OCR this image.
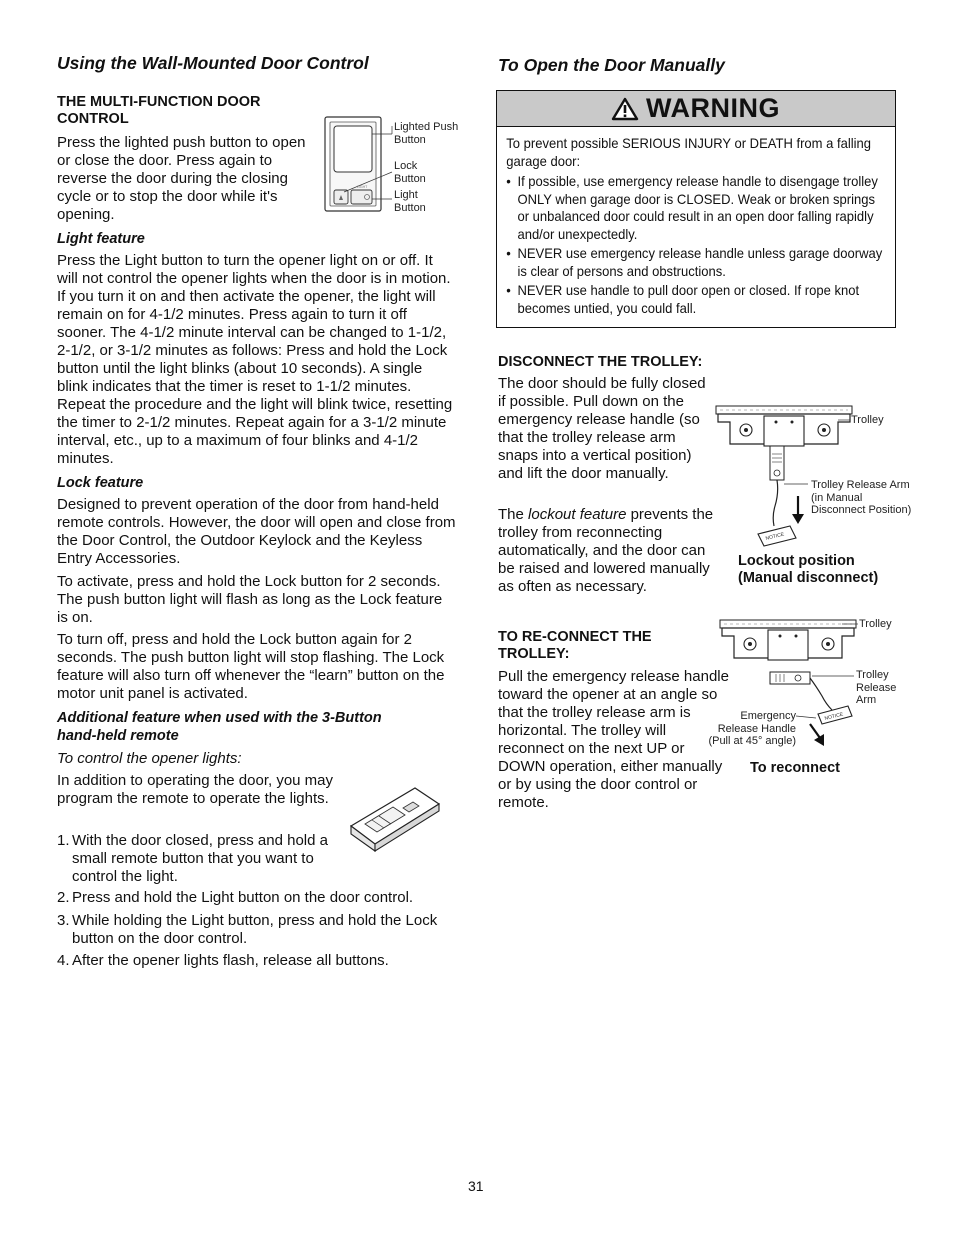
Using the Wall-Mounted Door Control
THE MULTI-FUNCTION DOOR CONTROL
Press the lighted push button to open or close the door. Press again to reverse the door during the closing cycle or to stop the door while it's opening.
LIGHT
Lighted Push Button
Lock Button
Light Button
Light feature
Press the Light button to turn the opener light on or off. It will not control the opener lights when the door is in motion. If you turn it on and then activate the opener, the light will remain on for 4-1/2 minutes. Press again to turn it off sooner. The 4-1/2 minute interval can be changed to 1-1/2, 2-1/2, or 3-1/2 minutes as follows: Press and hold the Lock button until the light blinks (about 10 seconds). A single blink indicates that the timer is reset to 1-1/2 minutes. Repeat the procedure and the light will blink twice, resetting the timer to 2-1/2 minutes. Repeat again for a 3-1/2 minute interval, etc., up to a maximum of four blinks and 4-1/2 minutes.
Lock feature
Designed to prevent operation of the door from hand-held remote controls. However, the door will open and close from the Door Control, the Outdoor Keylock and the Keyless Entry Accessories.
To activate, press and hold the Lock button for 2 seconds. The push button light will flash as long as the Lock feature is on.
To turn off, press and hold the Lock button again for 2 seconds. The push button light will stop flashing. The Lock feature will also turn off whenever the “learn” button on the motor unit panel is activated.
Additional feature when used with the 3-Button hand-held remote
To control the opener lights:
In addition to operating the door, you may program the remote to operate the lights.
1. With the door closed, press and hold a small remote button that you want to control the light.
2. Press and hold the Light button on the door control.
3. While holding the Light button, press and hold the Lock button on the door control.
4. After the opener lights flash, release all buttons.
To Open the Door Manually
WARNING
To prevent possible SERIOUS INJURY or DEATH from a falling garage door:
• If possible, use emergency release handle to disengage trolley ONLY when garage door is CLOSED. Weak or broken springs or unbalanced door could result in an open door falling rapidly and/or unexpectedly.
• NEVER use emergency release handle unless garage doorway is clear of persons and obstructions.
• NEVER use handle to pull door open or closed. If rope knot becomes untied, you could fall.
DISCONNECT THE TROLLEY:
The door should be fully closed if possible. Pull down on the emergency release handle (so that the trolley release arm snaps into a vertical position) and lift the door manually.
The lockout feature prevents the trolley from reconnecting automatically, and the door can be raised and lowered manually as often as necessary.
NOTICE
Trolley
Trolley Release Arm (in Manual Disconnect Position)
Lockout position (Manual disconnect)
TO RE-CONNECT THE TROLLEY:
Pull the emergency release handle toward the opener at an angle so that the trolley release arm is horizontal. The trolley will reconnect on the next UP or DOWN operation, either manually or by using the door control or remote.
NOTICE
Trolley
Trolley Release Arm
Emergency Release Handle (Pull at 45° angle)
To reconnect
31
